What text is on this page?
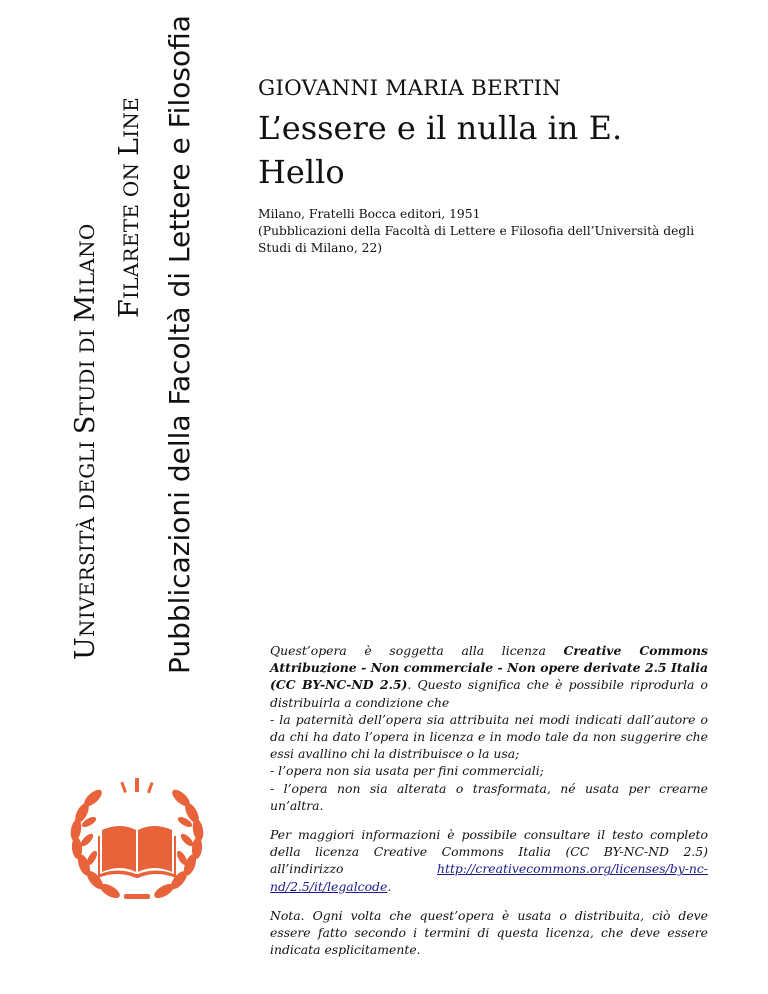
UNIVERSITÀ DEGLI STUDI DI MILANO
FILARETE ON LINE Pubblicazioni della Facoltà di Lettere e Filosofia	GIOVANNI MARIA BERTIN

L’essere e il nulla in E. Hello
Milano, Fratelli Bocca editori, 1951
(Pubblicazioni della Facoltà di Lettere e Filosofia dell’Università degli Studi di Milano, 22)

Quest’opera è soggetta alla licenza Creative Commons Attribuzione - Non commerciale - Non opere derivate 2.5 Italia (CC BY-NC-ND 2.5). Questo significa che è possibile riprodurla o distribuirla a condizione che

- la paternità dell’opera sia attribuita nei modi indicati dall’autore o da chi ha dato l’opera in licenza e in modo tale da non suggerire che essi avallino chi la distribuisce o la usa;

- l’opera non sia usata per fini commerciali;

- l’opera non sia alterata o trasformata, né usata per crearne un’altra.

Per maggiori informazioni è possibile consultare il testo completo della licenza Creative Commons Italia (CC BY-NC-ND 2.5) all’indirizzo http://creativecommons.org/licenses/by-nc-nd/2.5/it/legalcode.

Nota. Ogni volta che quest’opera è usata o distribuita, ciò deve essere fatto secondo i termini di questa licenza, che deve essere indicata esplicitamente.
